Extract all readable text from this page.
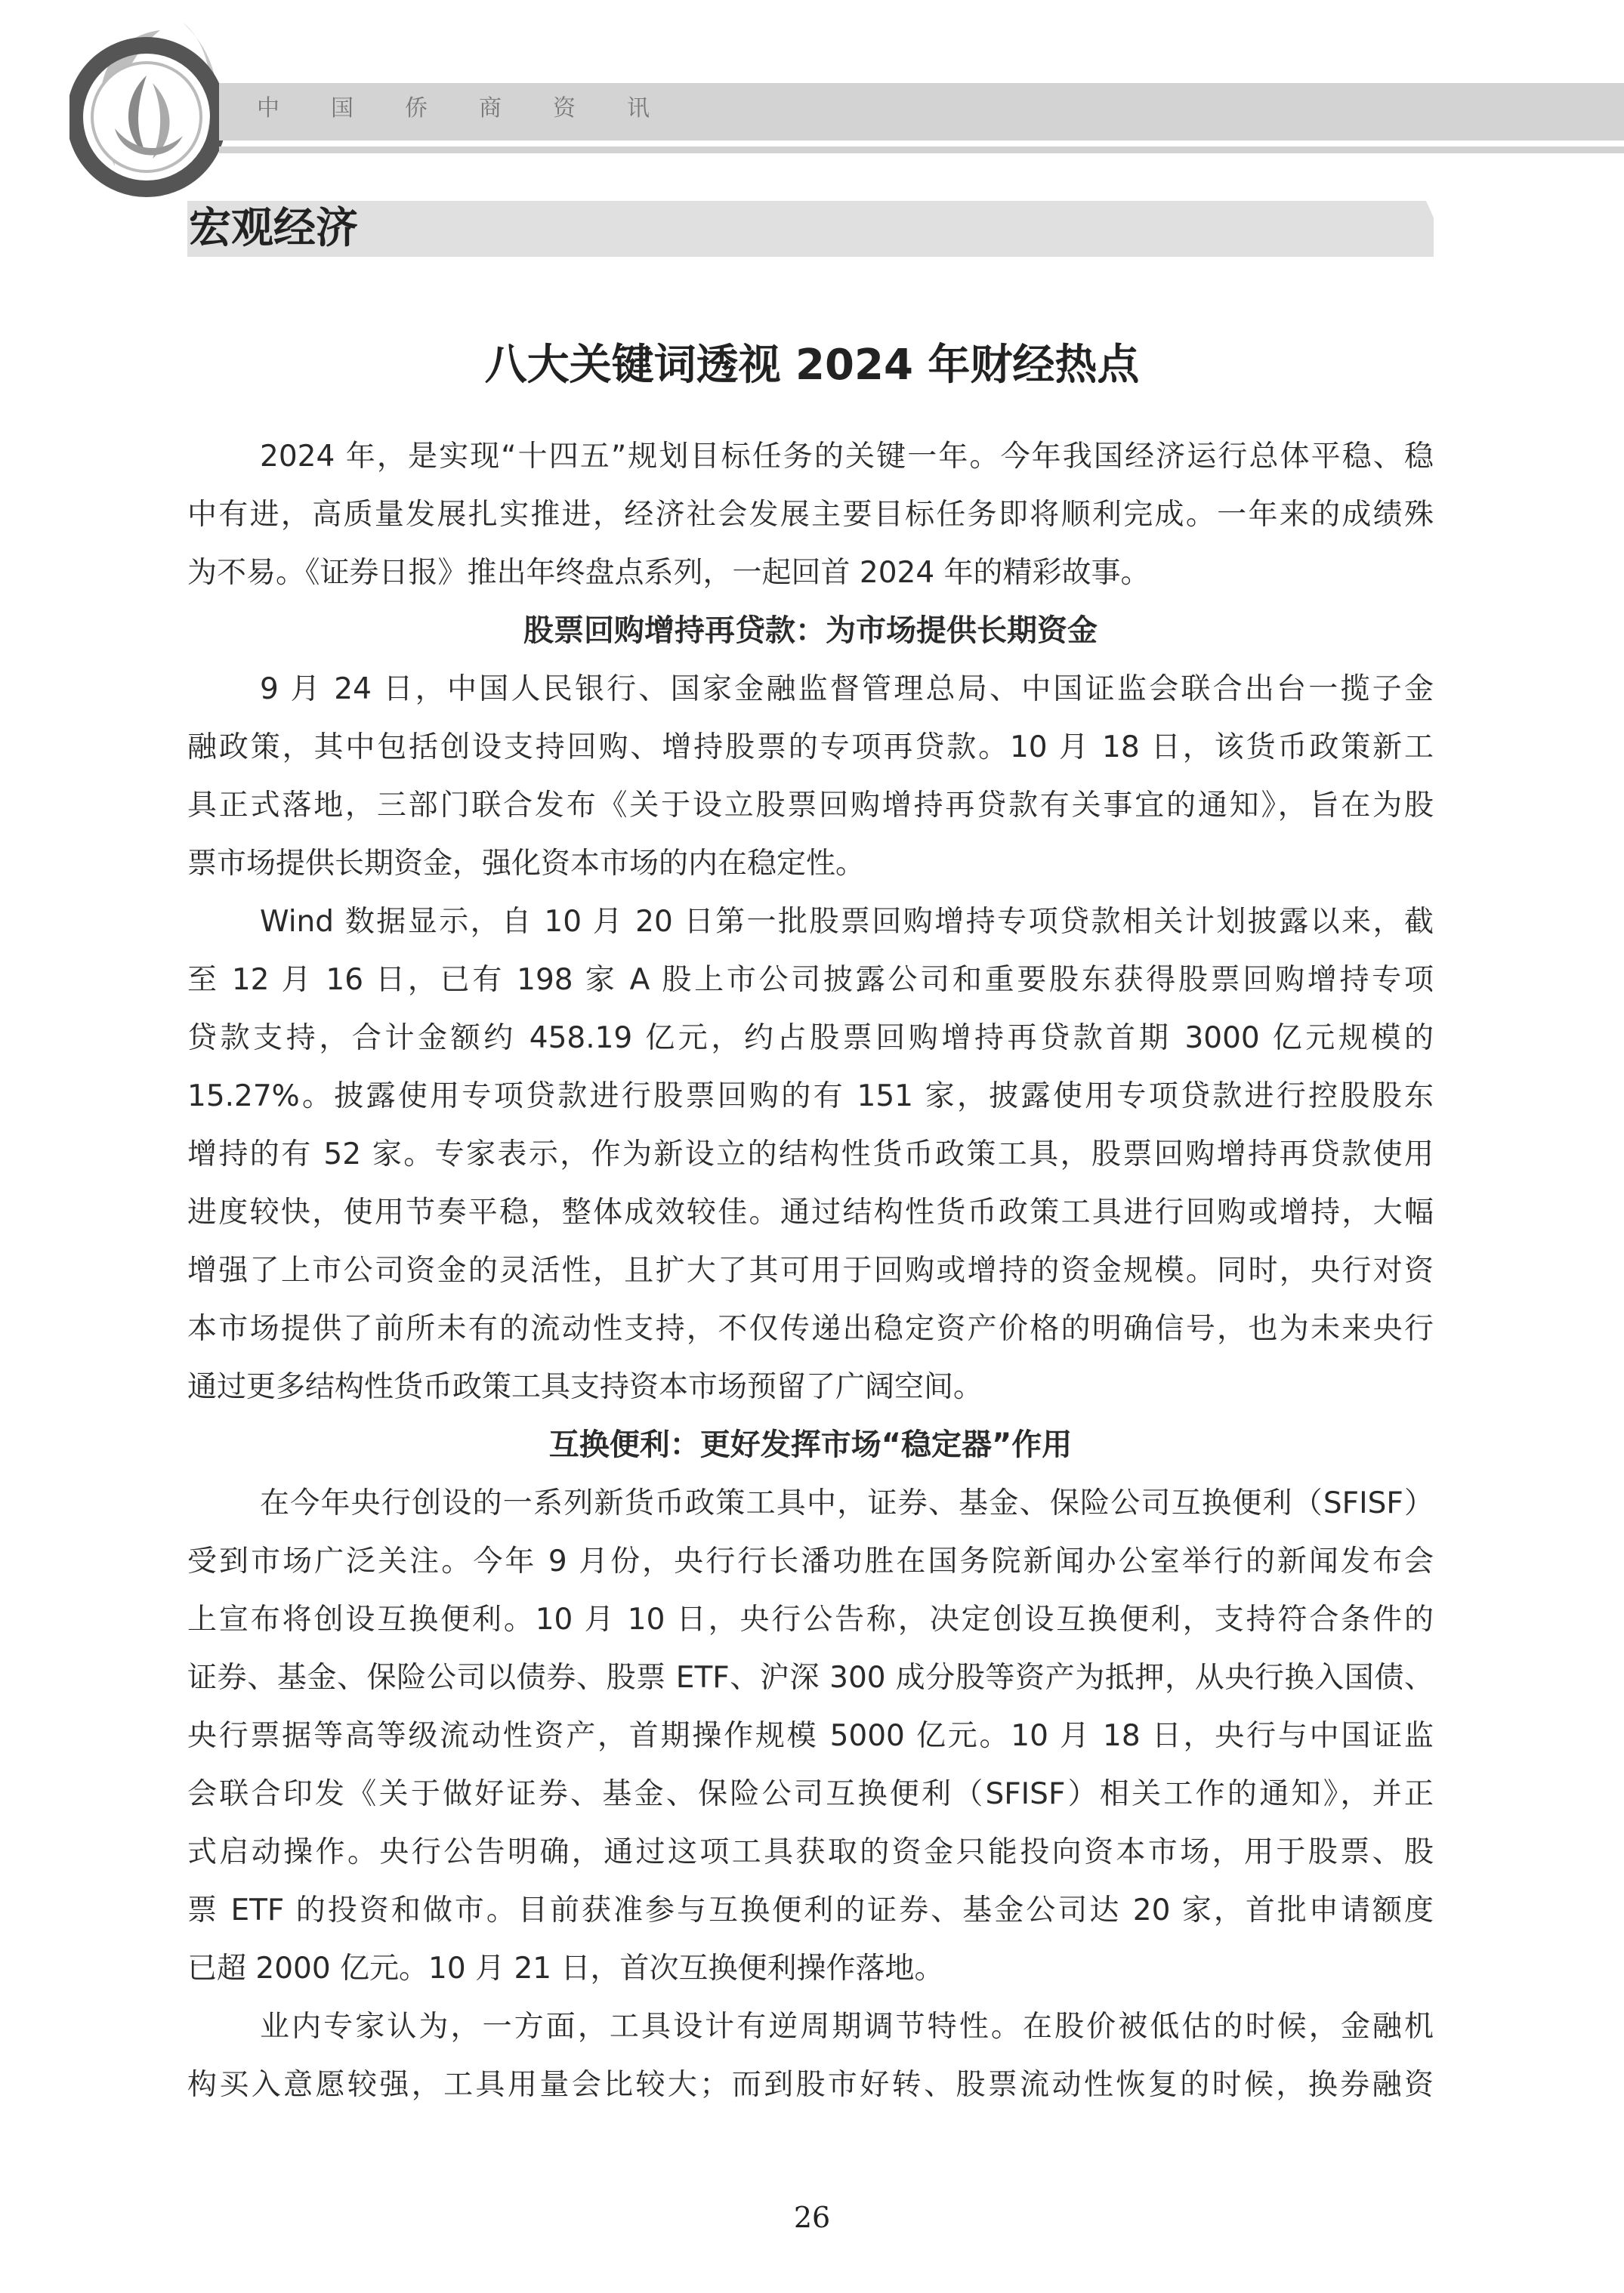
中国侨商资讯
宏观经济
八大关键词透视 2024 年财经热点
2024 年，是实现“十四五”规划目标任务的关键一年。今年我国经济运行总体平稳、稳
中有进，高质量发展扎实推进，经济社会发展主要目标任务即将顺利完成。一年来的成绩殊
为不易。《证券日报》推出年终盘点系列，一起回首 2024 年的精彩故事。
股票回购增持再贷款：为市场提供长期资金
9 月 24 日，中国人民银行、国家金融监督管理总局、中国证监会联合出台一揽子金
融政策，其中包括创设支持回购、增持股票的专项再贷款。10 月 18 日，该货币政策新工
具正式落地，三部门联合发布《关于设立股票回购增持再贷款有关事宜的通知》，旨在为股
票市场提供长期资金，强化资本市场的内在稳定性。
Wind 数据显示，自 10 月 20 日第一批股票回购增持专项贷款相关计划披露以来，截
至 12 月 16 日，已有 198 家 A 股上市公司披露公司和重要股东获得股票回购增持专项
贷款支持，合计金额约 458.19 亿元，约占股票回购增持再贷款首期 3000 亿元规模的
15.27%。披露使用专项贷款进行股票回购的有 151 家，披露使用专项贷款进行控股股东
增持的有 52 家。专家表示，作为新设立的结构性货币政策工具，股票回购增持再贷款使用
进度较快，使用节奏平稳，整体成效较佳。通过结构性货币政策工具进行回购或增持，大幅
增强了上市公司资金的灵活性，且扩大了其可用于回购或增持的资金规模。同时，央行对资
本市场提供了前所未有的流动性支持，不仅传递出稳定资产价格的明确信号，也为未来央行
通过更多结构性货币政策工具支持资本市场预留了广阔空间。
互换便利：更好发挥市场“稳定器”作用
在今年央行创设的一系列新货币政策工具中，证券、基金、保险公司互换便利（SFISF）
受到市场广泛关注。今年 9 月份，央行行长潘功胜在国务院新闻办公室举行的新闻发布会
上宣布将创设互换便利。10 月 10 日，央行公告称，决定创设互换便利，支持符合条件的
证券、基金、保险公司以债券、股票 ETF、沪深 300 成分股等资产为抵押，从央行换入国债、
央行票据等高等级流动性资产，首期操作规模 5000 亿元。10 月 18 日，央行与中国证监
会联合印发《关于做好证券、基金、保险公司互换便利（SFISF）相关工作的通知》，并正
式启动操作。央行公告明确，通过这项工具获取的资金只能投向资本市场，用于股票、股
票 ETF 的投资和做市。目前获准参与互换便利的证券、基金公司达 20 家，首批申请额度
已超 2000 亿元。10 月 21 日，首次互换便利操作落地。
业内专家认为，一方面，工具设计有逆周期调节特性。在股价被低估的时候，金融机
构买入意愿较强，工具用量会比较大；而到股市好转、股票流动性恢复的时候，换券融资
26
